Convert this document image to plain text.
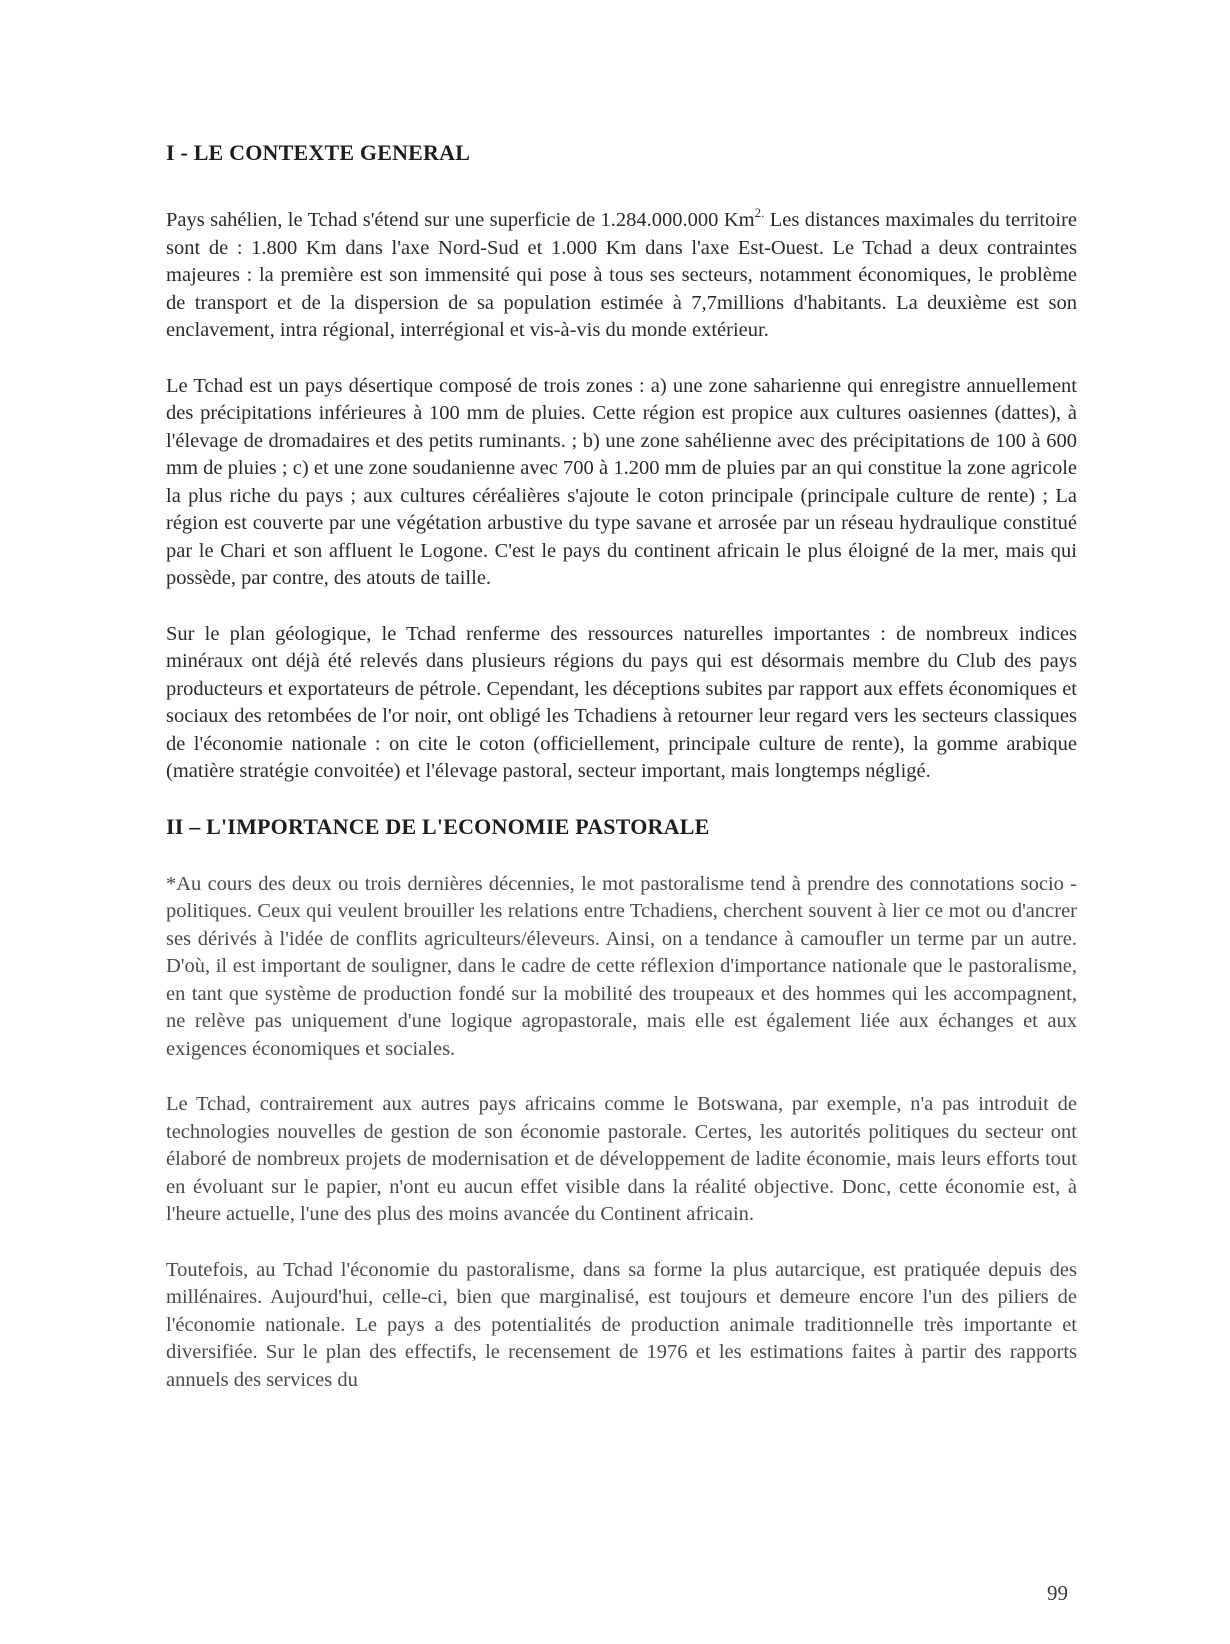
I - LE CONTEXTE GENERAL

Pays sahélien, le Tchad s'étend sur une superficie de 1.284.000.000 $Km^{2.}$ Les distances maximales du territoire sont de : 1.800 Km dans l'axe Nord-Sud et 1.000 Km dans l'axe Est-Ouest. Le Tchad a deux contraintes majeures : la première est son immensité qui pose à tous ses secteurs, notamment économiques, le problème de transport et de la dispersion de sa population estimée à 7,7millions d'habitants. La deuxième est son enclavement, intra régional, interrégional et vis-à-vis du monde extérieur.

Le Tchad est un pays désertique composé de trois zones : a) une zone saharienne qui enregistre annuellement des précipitations inférieures à 100 mm de pluies. Cette région est propice aux cultures oasiennes (dattes), à l'élevage de dromadaires et des petits ruminants. ; b) une zone sahélienne avec des précipitations de 100 à 600 mm de pluies ; c) et une zone soudanienne avec 700 à 1.200 mm de pluies par an qui constitue la zone agricole la plus riche du pays ; aux cultures céréalières s'ajoute le coton principale (principale culture de rente) ; La région est couverte par une végétation arbustive du type savane et arrosée par un réseau hydraulique constitué par le Chari et son affluent le Logone. C'est le pays du continent africain le plus éloigné de la mer, mais qui possède, par contre, des atouts de taille.

Sur le plan géologique, le Tchad renferme des ressources naturelles importantes : de nombreux indices minéraux ont déjà été relevés dans plusieurs régions du pays qui est désormais membre du Club des pays producteurs et exportateurs de pétrole. Cependant, les déceptions subites par rapport aux effets économiques et sociaux des retombées de l'or noir, ont obligé les Tchadiens à retourner leur regard vers les secteurs classiques de l'économie nationale : on cite le coton (officiellement, principale culture de rente), la gomme arabique (matière stratégie convoitée) et l'élevage pastoral, secteur important, mais longtemps négligé.

II – L'IMPORTANCE DE L'ECONOMIE PASTORALE

*Au cours des deux ou trois dernières décennies, le mot pastoralisme tend à prendre des connotations socio - politiques. Ceux qui veulent brouiller les relations entre Tchadiens, cherchent souvent à lier ce mot ou d'ancrer ses dérivés à l'idée de conflits agriculteurs/éleveurs. Ainsi, on a tendance à camoufler un terme par un autre. D'où, il est important de souligner, dans le cadre de cette réflexion d'importance nationale que le pastoralisme, en tant que système de production fondé sur la mobilité des troupeaux et des hommes qui les accompagnent, ne relève pas uniquement d'une logique agropastorale, mais elle est également liée aux échanges et aux exigences économiques et sociales.

Le Tchad, contrairement aux autres pays africains comme le Botswana, par exemple, n'a pas introduit de technologies nouvelles de gestion de son économie pastorale. Certes, les autorités politiques du secteur ont élaboré de nombreux projets de modernisation et de développement de ladite économie, mais leurs efforts tout en évoluant sur le papier, n'ont eu aucun effet visible dans la réalité objective. Donc, cette économie est, à l'heure actuelle, l'une des plus des moins avancée du Continent africain.

Toutefois, au Tchad l'économie du pastoralisme, dans sa forme la plus autarcique, est pratiquée depuis des millénaires. Aujourd'hui, celle-ci, bien que marginalisé, est toujours et demeure encore l'un des piliers de l'économie nationale. Le pays a des potentialités de production animale traditionnelle très importante et diversifiée. Sur le plan des effectifs, le recensement de 1976 et les estimations faites à partir des rapports annuels des services du

99
